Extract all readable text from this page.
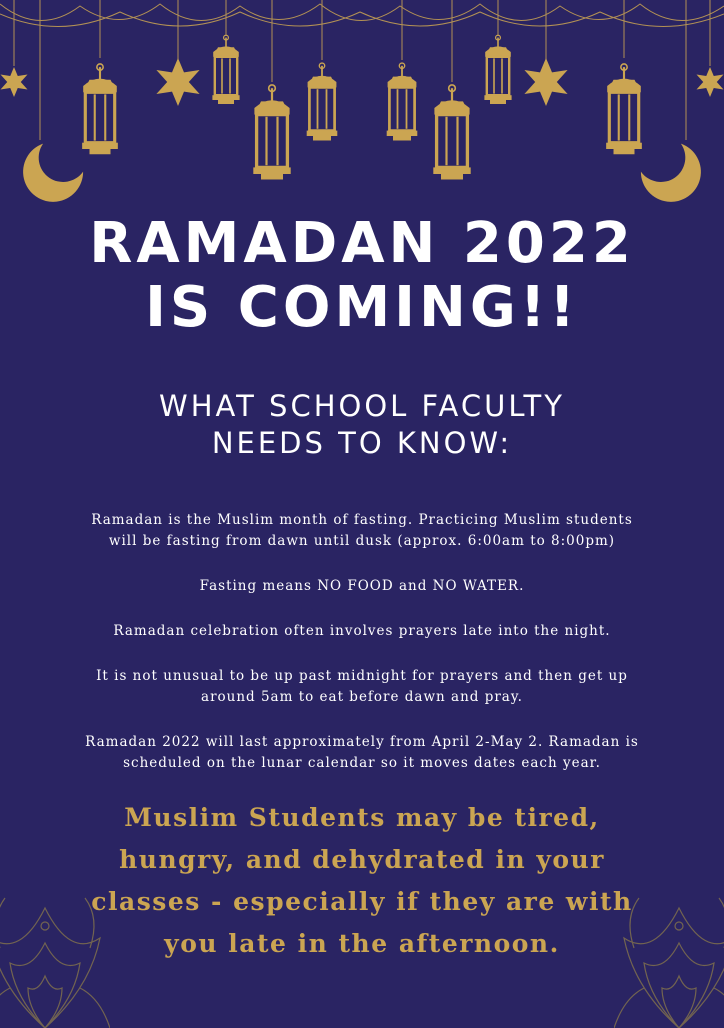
RAMADAN 2022
IS COMING!!
WHAT SCHOOL FACULTY
NEEDS TO KNOW:

Ramadan is the Muslim month of fasting. Practicing Muslim students
will be fasting from dawn until dusk (approx. 6:00am to 8:00pm)

Fasting means NO FOOD and NO WATER.

Ramadan celebration often involves prayers late into the night.

It is not unusual to be up past midnight for prayers and then get up
around 5am to eat before dawn and pray.

Ramadan 2022 will last approximately from April 2-May 2. Ramadan is
scheduled on the lunar calendar so it moves dates each year.

Muslim Students may be tired,
hungry, and dehydrated in your
classes - especially if they are with
you late in the afternoon.
